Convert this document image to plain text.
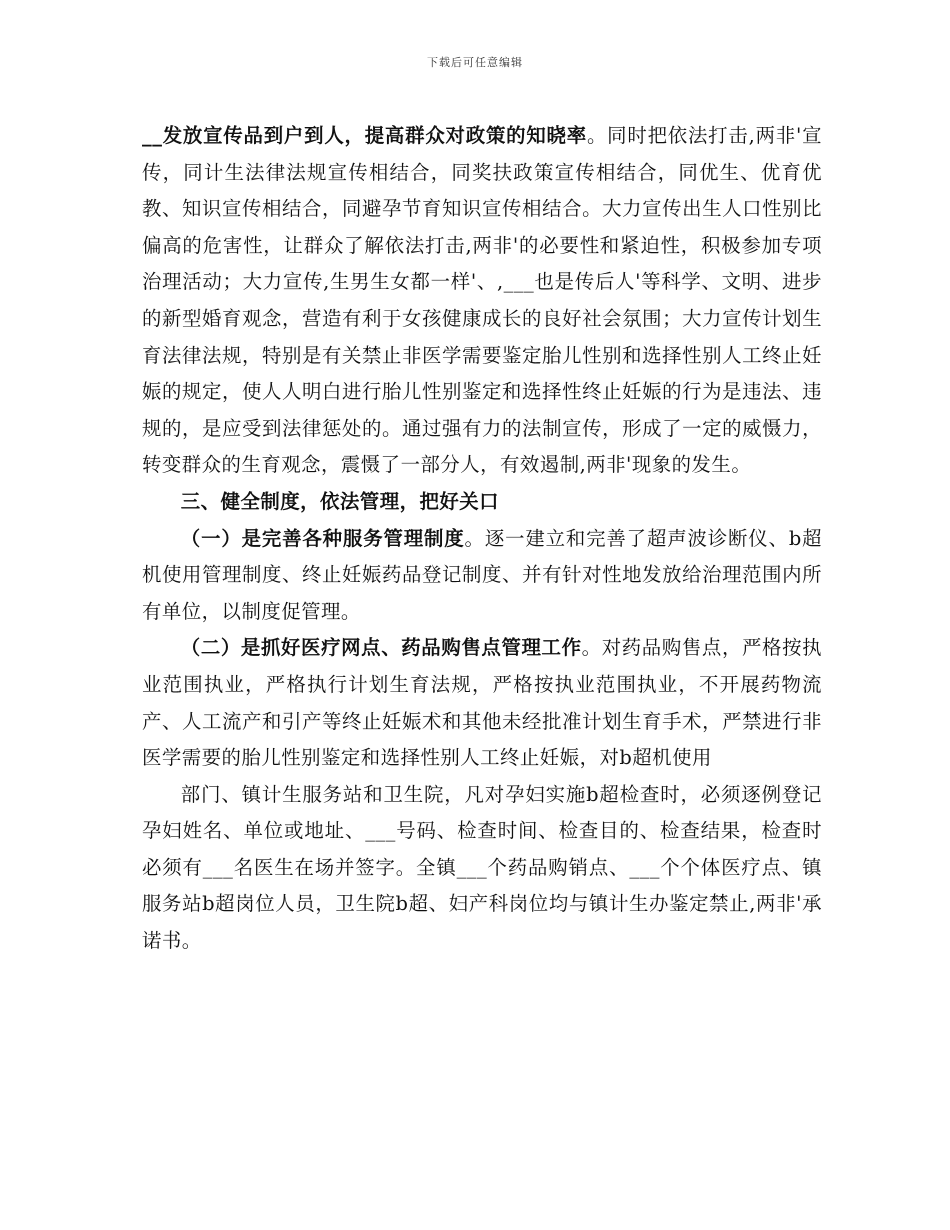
下载后可任意编辑

__发放宣传品到户到人，提高群众对政策的知晓率。同时把依法打击,两非'宣传，同计生法律法规宣传相结合，同奖扶政策宣传相结合，同优生、优育优教、知识宣传相结合，同避孕节育知识宣传相结合。大力宣传出生人口性别比偏高的危害性，让群众了解依法打击,两非'的必要性和紧迫性，积极参加专项治理活动；大力宣传,生男生女都一样'、,___也是传后人'等科学、文明、进步的新型婚育观念，营造有利于女孩健康成长的良好社会氛围；大力宣传计划生育法律法规，特别是有关禁止非医学需要鉴定胎儿性别和选择性别人工终止妊娠的规定，使人人明白进行胎儿性别鉴定和选择性终止妊娠的行为是违法、违规的，是应受到法律惩处的。通过强有力的法制宣传，形成了一定的威慑力，转变群众的生育观念，震慑了一部分人，有效遏制,两非'现象的发生。

三、健全制度，依法管理，把好关口

（一）是完善各种服务管理制度。逐一建立和完善了超声波诊断仪、b超机使用管理制度、终止妊娠药品登记制度、并有针对性地发放给治理范围内所有单位，以制度促管理。

（二）是抓好医疗网点、药品购售点管理工作。对药品购售点，严格按执业范围执业，严格执行计划生育法规，严格按执业范围执业，不开展药物流产、人工流产和引产等终止妊娠术和其他未经批准计划生育手术，严禁进行非医学需要的胎儿性别鉴定和选择性别人工终止妊娠，对b超机使用

部门、镇计生服务站和卫生院，凡对孕妇实施b超检查时，必须逐例登记孕妇姓名、单位或地址、___号码、检查时间、检查目的、检查结果，检查时必须有___名医生在场并签字。全镇___个药品购销点、___个个体医疗点、镇服务站b超岗位人员，卫生院b超、妇产科岗位均与镇计生办鉴定禁止,两非'承诺书。
